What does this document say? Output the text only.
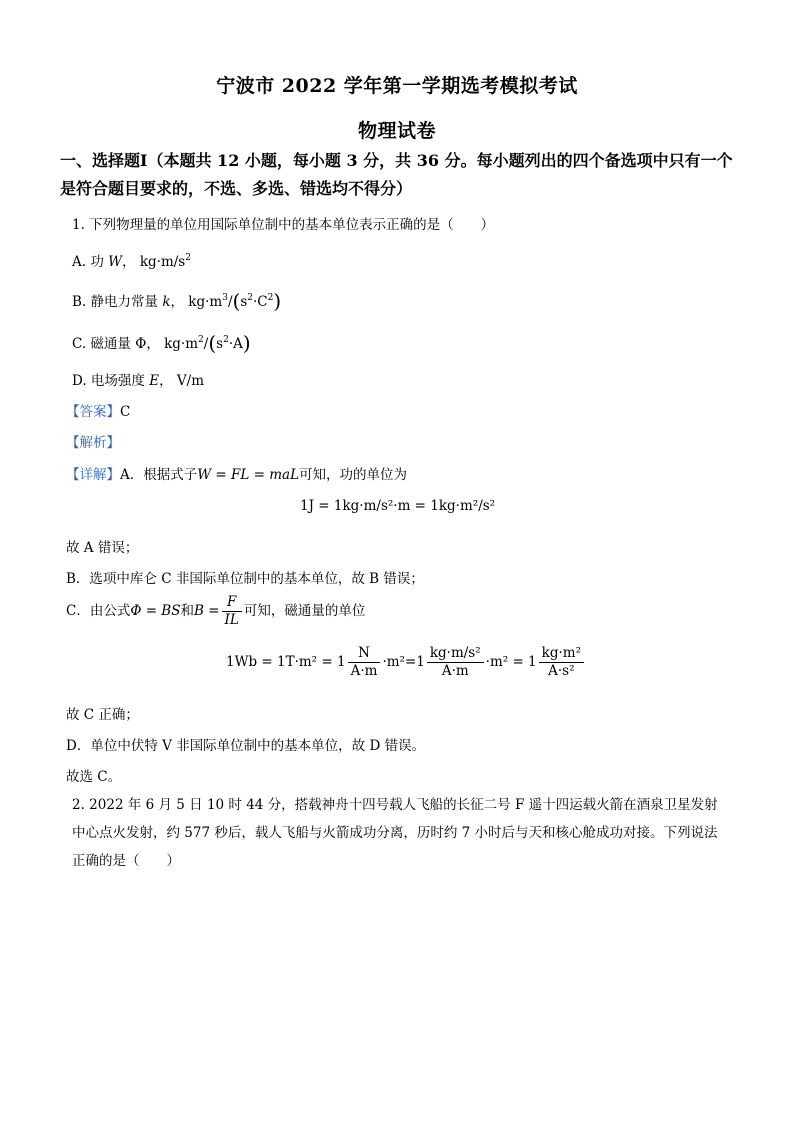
宁波市 2022 学年第一学期选考模拟考试
物理试卷
一、选择题Ⅰ（本题共 12 小题，每小题 3 分，共 36 分。每小题列出的四个备选项中只有一个是符合题目要求的，不选、多选、错选均不得分）
1. 下列物理量的单位用国际单位制中的基本单位表示正确的是（　　）
A. 功 W， $kg\cdot m/s^2$
B. 静电力常量 k， $kg\cdot m^3/(s^2\cdot C^2)$
C. 磁通量 Φ， $kg\cdot m^2/(s^2\cdot A)$
D. 电场强度 E， V/m
【答案】C
【解析】
【详解】A．根据式子W = FL = maL可知，功的单位为
1J = 1kg·m/s²·m = 1kg·m²/s²
故 A 错误；
B．选项中库仑 C 非国际单位制中的基本单位，故 B 错误；
C．由公式Φ = BS和$B = \frac{F}{IL}$ 可知，磁通量的单位
$1Wb = 1T\cdot m^2 = 1 \frac{N}{A\cdot m} \cdot m^2=1 \frac{\text{kg·m/s²}}{A\cdot m} \cdot m^2 = 1 \frac{\text{kg·m²}}{\text{A·s²}}$
故 C 正确；
D．单位中伏特 V 非国际单位制中的基本单位，故 D 错误。
故选 C。
2. 2022 年 6 月 5 日 10 时 44 分，搭载神舟十四号载人飞船的长征二号 F 遥十四运载火箭在酒泉卫星发射中心点火发射，约 577 秒后，载人飞船与火箭成功分离，历时约 7 小时后与天和核心舱成功对接。下列说法正确的是（　　）
